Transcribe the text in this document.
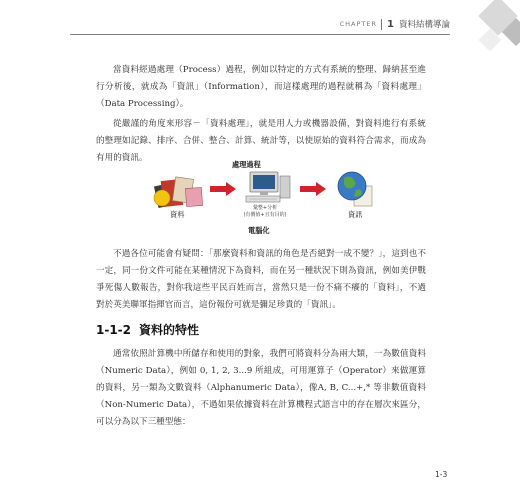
CHAPTER	1 資料結構導論

當資料經過處理（Process）過程，例如以特定的方式有系統的整理、歸納甚至進行分析後，就成為「資訊」（Information），而這樣處理的過程就稱為「資料處理」（Data Processing）。

從嚴謹的角度來形容－「資料處理」，就是用人力或機器設備，對資料進行有系統的整理如記錄、排序、合併、整合、計算、統計等，以使原始的資料符合需求，而成為有用的資訊。

處理過程
資料
彙整+分析
(有價值+且有目的)
電腦化
資訊

不過各位可能會有疑問：「那麼資料和資訊的角色是否絕對一成不變？」，這到也不一定，同一份文件可能在某種情況下為資料，而在另一種狀況下則為資訊，例如美伊戰爭死傷人數報告，對你我這些平民百姓而言，當然只是一份不痛不癢的「資料」，不過對於英美聯軍指揮官而言，這份報份可就是彌足珍貴的「資訊」。

1-1-2 資料的特性

通常依照計算機中所儲存和使用的對象，我們可將資料分為兩大類，一為數值資料（Numeric Data），例如 0, 1, 2, 3...9 所組成，可用運算子（Operator）來做運算的資料，另一類為文數資料（Alphanumeric Data），像A, B, C...+,* 等非數值資料（Non-Numeric Data），不過如果依據資料在計算機程式語言中的存在層次來區分，可以分為以下三種型態：

1-3
